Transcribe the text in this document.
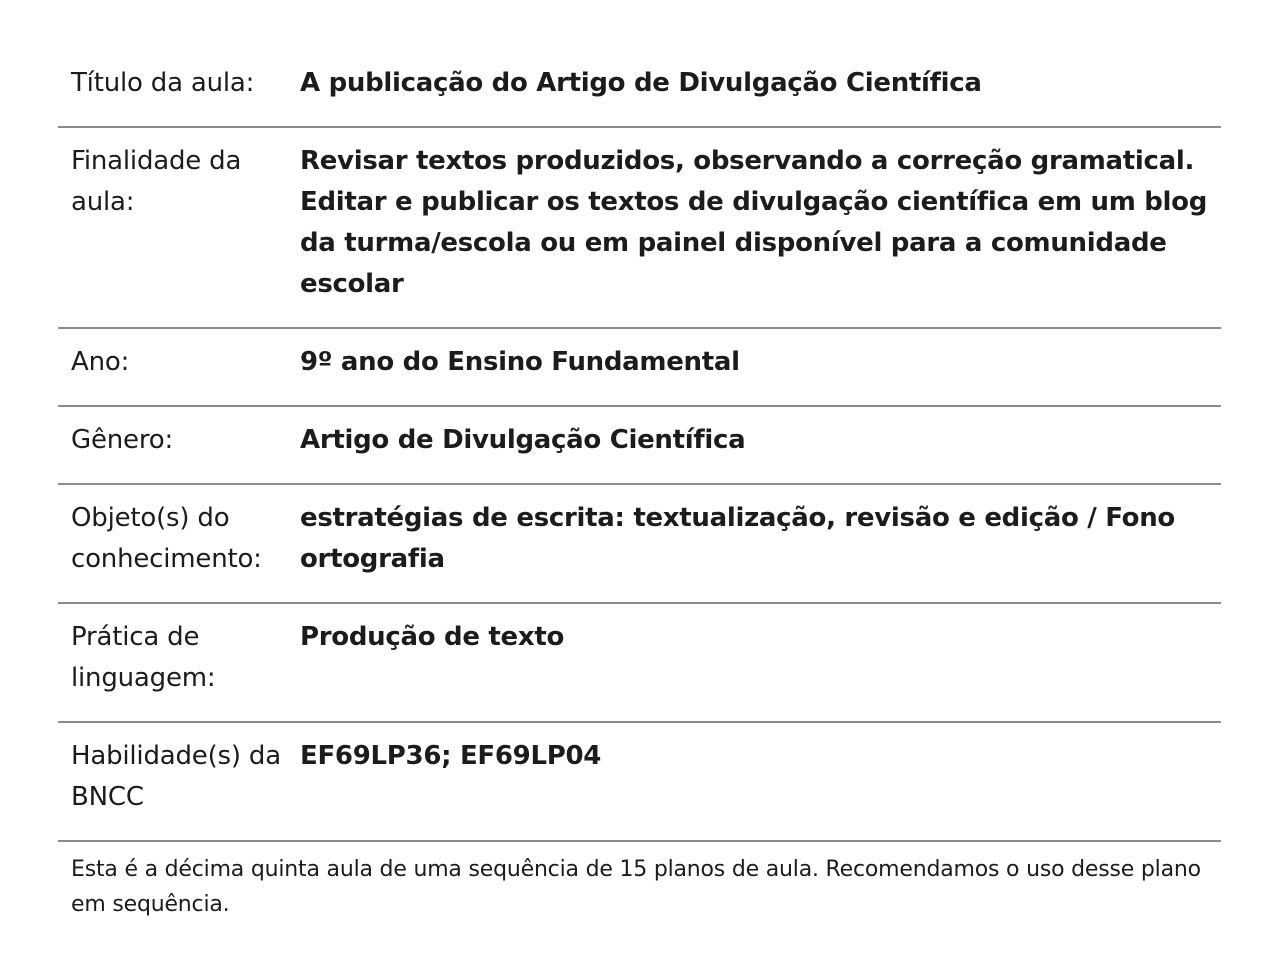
Título da aula:	A publicação do Artigo de Divulgação Científica
Finalidade da aula:	Revisar textos produzidos, observando a correção gramatical. Editar e publicar os textos de divulgação científica em um blog da turma/escola ou em painel disponível para a comunidade escolar
Ano:	9º ano do Ensino Fundamental
Gênero:	Artigo de Divulgação Científica
Objeto(s) do conhecimento:	estratégias de escrita: textualização, revisão e edição / Fono ortografia
Prática de linguagem:	Produção de texto
Habilidade(s) da BNCC	EF69LP36; EF69LP04
Esta é a décima quinta aula de uma sequência de 15 planos de aula. Recomendamos o uso desse plano em sequência.
